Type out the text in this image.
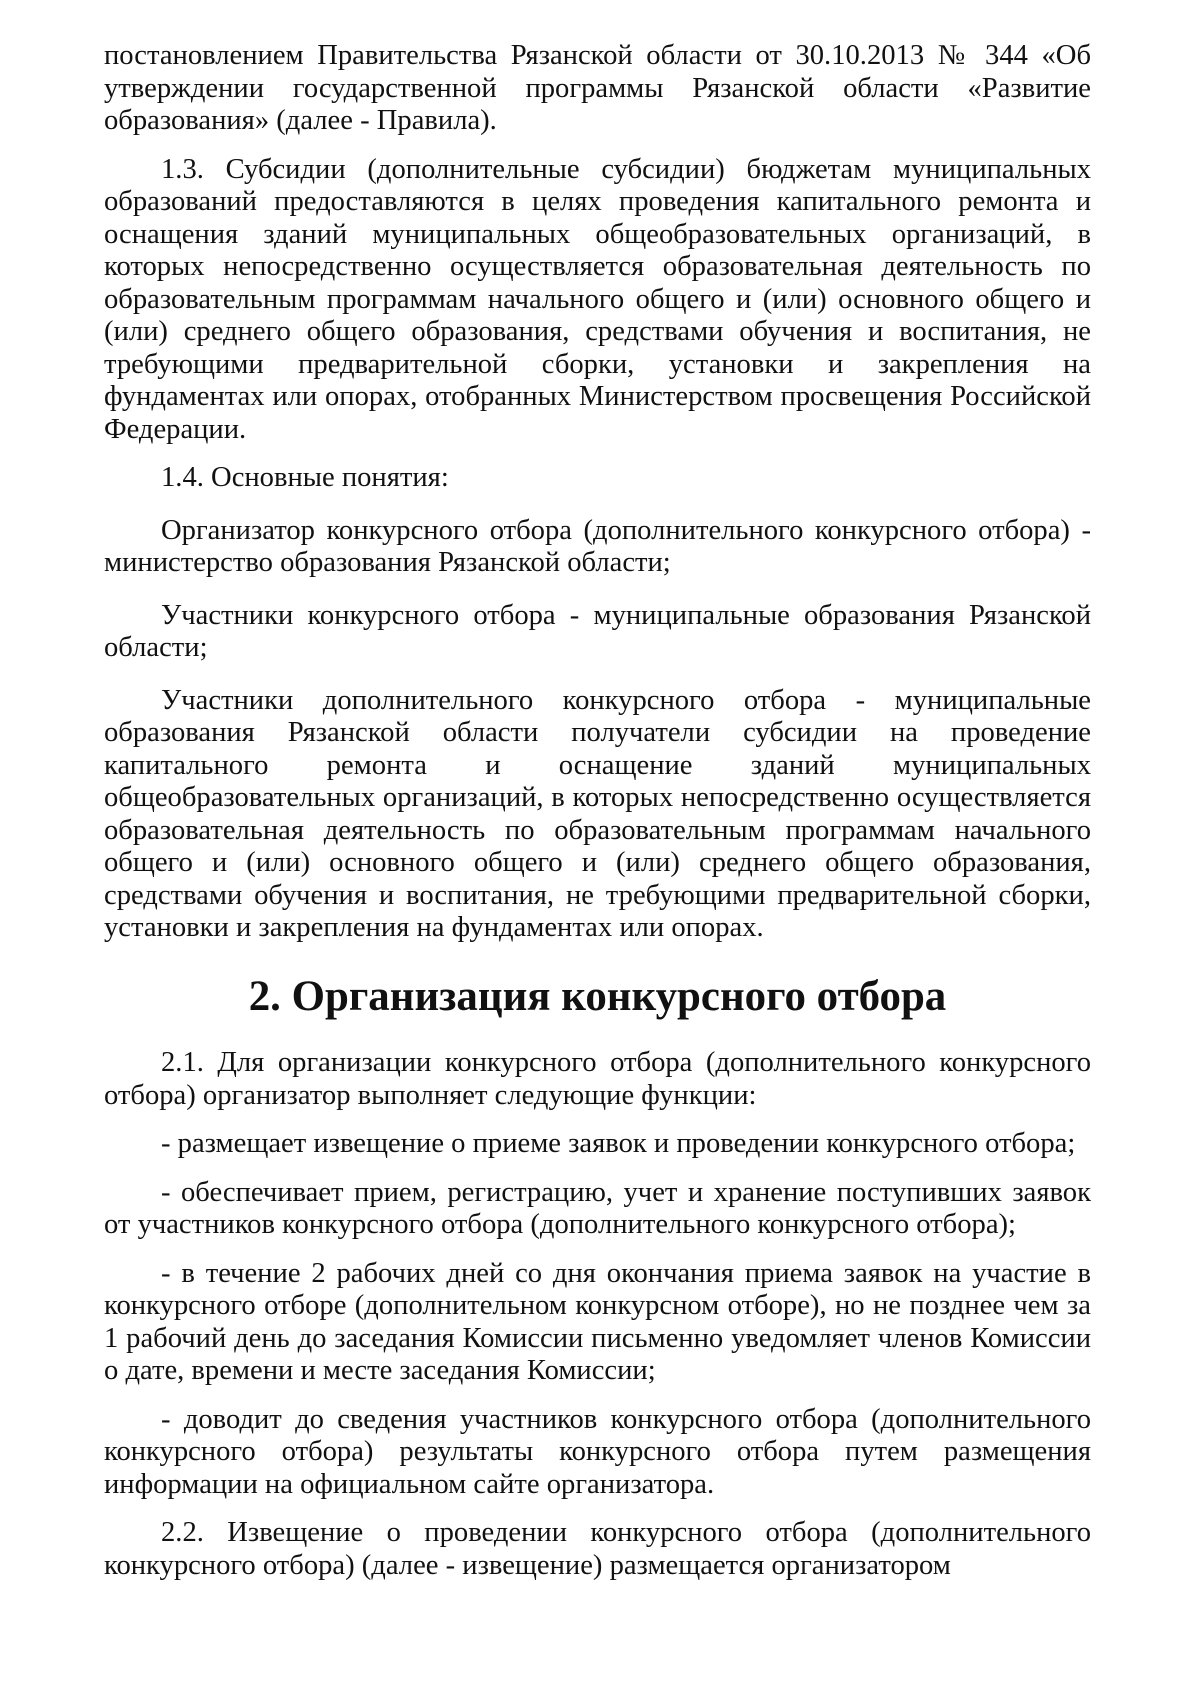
постановлением Правительства Рязанской области от 30.10.2013 № 344 «Об утверждении государственной программы Рязанской области «Развитие образования» (далее - Правила).

1.3. Субсидии (дополнительные субсидии) бюджетам муниципальных образований предоставляются в целях проведения капитального ремонта и оснащения зданий муниципальных общеобразовательных организаций, в которых непосредственно осуществляется образовательная деятельность по образовательным программам начального общего и (или) основного общего и (или) среднего общего образования, средствами обучения и воспитания, не требующими предварительной сборки, установки и закрепления на фундаментах или опорах, отобранных Министерством просвещения Российской Федерации.

1.4. Основные понятия:

Организатор конкурсного отбора (дополнительного конкурсного отбора) - министерство образования Рязанской области;

Участники конкурсного отбора - муниципальные образования Рязанской области;

Участники дополнительного конкурсного отбора - муниципальные образования Рязанской области получатели субсидии на проведение капитального ремонта и оснащение зданий муниципальных общеобразовательных организаций, в которых непосредственно осуществляется образовательная деятельность по образовательным программам начального общего и (или) основного общего и (или) среднего общего образования, средствами обучения и воспитания, не требующими предварительной сборки, установки и закрепления на фундаментах или опорах.

2. Организация конкурсного отбора

2.1. Для организации конкурсного отбора (дополнительного конкурсного отбора) организатор выполняет следующие функции:

- размещает извещение о приеме заявок и проведении конкурсного отбора;

- обеспечивает прием, регистрацию, учет и хранение поступивших заявок от участников конкурсного отбора (дополнительного конкурсного отбора);

- в течение 2 рабочих дней со дня окончания приема заявок на участие в конкурсного отборе (дополнительном конкурсном отборе), но не позднее чем за 1 рабочий день до заседания Комиссии письменно уведомляет членов Комиссии о дате, времени и месте заседания Комиссии;

- доводит до сведения участников конкурсного отбора (дополнительного конкурсного отбора) результаты конкурсного отбора путем размещения информации на официальном сайте организатора.

2.2. Извещение о проведении конкурсного отбора (дополнительного конкурсного отбора) (далее - извещение) размещается организатором
